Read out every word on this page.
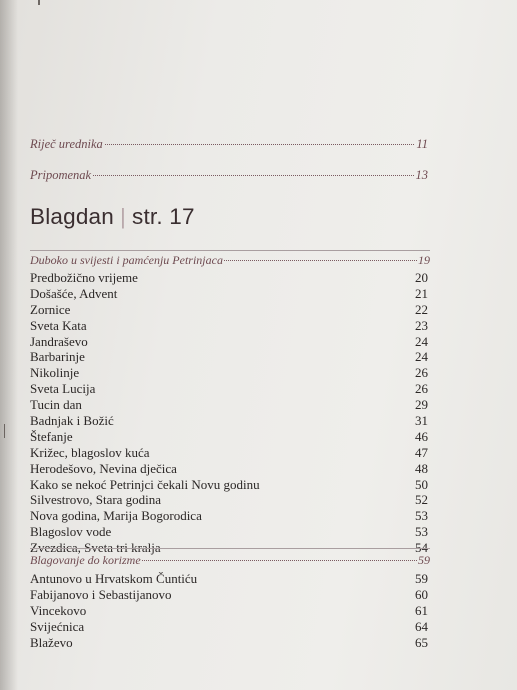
Riječ urednika	11
Pripomenak	13
Blagdan | str. 17
Duboko u svijesti i pamćenju Petrinjaca	19
Predbožično vrijeme	20
Došašće, Advent	21
Zornice	22
Sveta Kata	23
Jandraševo	24
Barbarinje	24
Nikolinje	26
Sveta Lucija	26
Tucin dan	29
Badnjak i Božić	31
Štefanje	46
Križec, blagoslov kuća	47
Herodešovo, Nevina dječica	48
Kako se nekoć Petrinjci čekali Novu godinu	50
Silvestrovo, Stara godina	52
Nova godina, Marija Bogorodica	53
Blagoslov vode	53
Zvezdica, Sveta tri kralja	54
Blagovanje do korizme	59
Antunovo u Hrvatskom Čuntiću	59
Fabijanovo i Sebastijanovo	60
Vincekovo	61
Svijećnica	64
Blaževo	65
